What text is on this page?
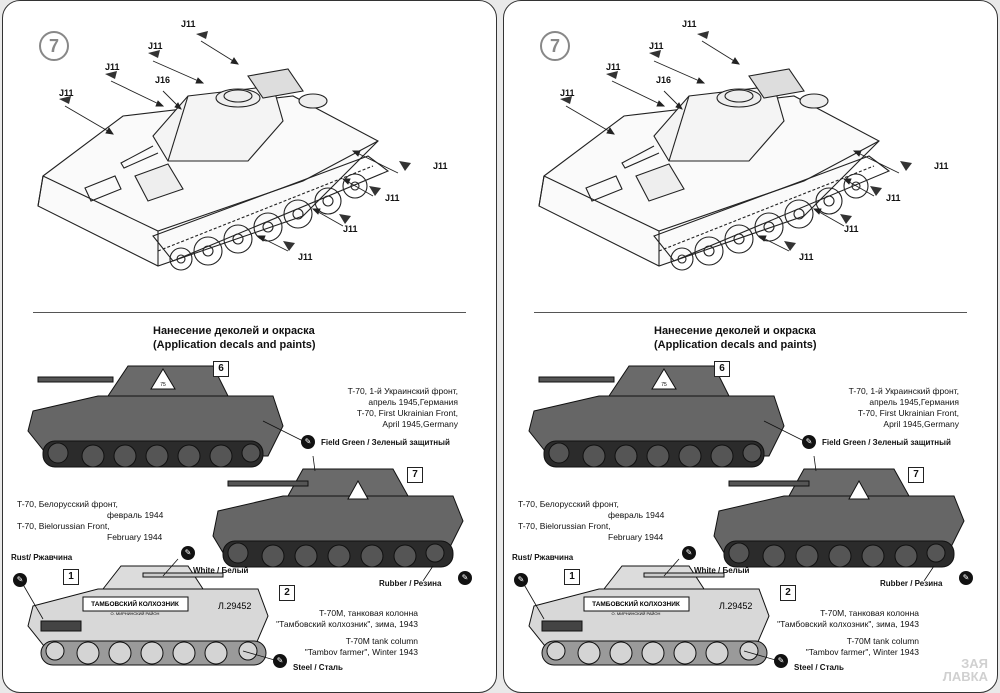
7
J11
J11
J11
J11
J16
J11
J11
J11
J11
Нанесение деколей и окраска
(Application decals and paints)
75
ТАМБОВСКИЙ КОЛХОЗНИК
О. МИРНИНСКИЙ РАЙОН
Л.29452
6
T-70, 1-й Украинский фронт,
апрель 1945,Германия
T-70, First Ukrainian Front,
April 1945,Germany
✎	Field Green / Зеленый защитный
7
T-70, Белорусский фронт,
февраль 1944
T-70, Bielorussian Front,
February 1944
✎
Rubber / Резина
Rust/ Ржавчина
✎
✎
White / Белый
1
2
T-70M, танковая колонна
"Тамбовский колхозник", зима, 1943
T-70M tank column
"Tambov farmer", Winter 1943
✎
Steel / Сталь
7
J11
J11
J11
J11
J16
J11
J11
J11
J11
Нанесение деколей и окраска
(Application decals and paints)
75
ТАМБОВСКИЙ КОЛХОЗНИК
О. МИРНИНСКИЙ РАЙОН
Л.29452
6
T-70, 1-й Украинский фронт,
апрель 1945,Германия
T-70, First Ukrainian Front,
April 1945,Germany
✎	Field Green / Зеленый защитный
7
T-70, Белорусский фронт,
февраль 1944
T-70, Bielorussian Front,
February 1944
✎
Rubber / Резина
Rust/ Ржавчина
✎
✎
White / Белый
1
2
T-70M, танковая колонна
"Тамбовский колхозник", зима, 1943
T-70M tank column
"Tambov farmer", Winter 1943
✎
Steel / Сталь	ЗАЯ
ЛАВКА
